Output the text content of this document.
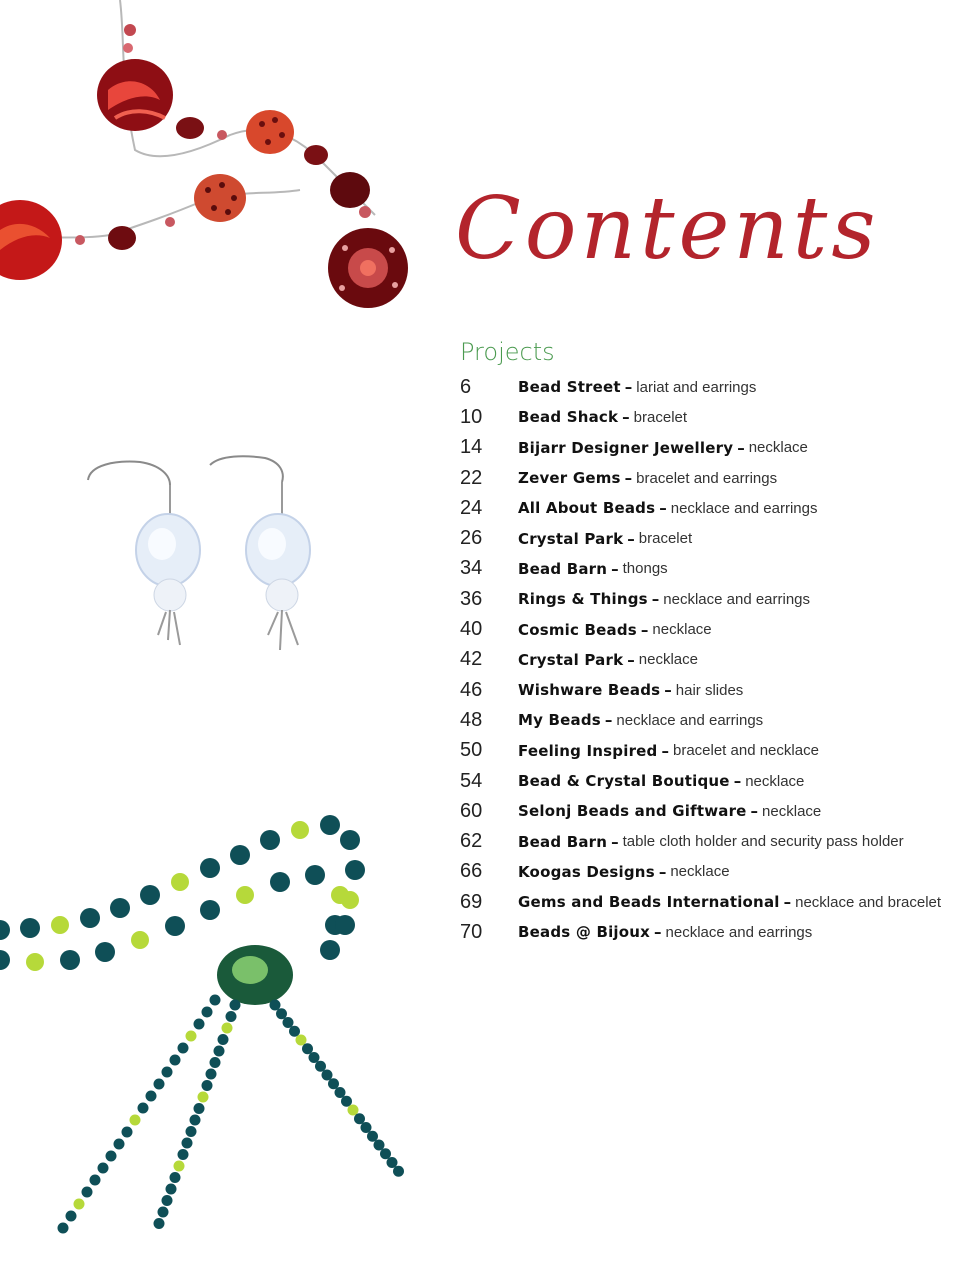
Contents
Projects
6	Bead Street – lariat and earrings
10	Bead Shack – bracelet
14	Bijarr Designer Jewellery – necklace
22	Zever Gems – bracelet and earrings
24	All About Beads – necklace and earrings
26	Crystal Park – bracelet
34	Bead Barn – thongs
36	Rings & Things – necklace and earrings
40	Cosmic Beads – necklace
42	Crystal Park – necklace
46	Wishware Beads – hair slides
48	My Beads – necklace and earrings
50	Feeling Inspired – bracelet and necklace
54	Bead & Crystal Boutique – necklace
60	Selonj Beads and Giftware – necklace
62	Bead Barn – table cloth holder and security pass holder
66	Koogas Designs – necklace
69	Gems and Beads International – necklace and bracelet
70	Beads @ Bijoux – necklace and earrings
